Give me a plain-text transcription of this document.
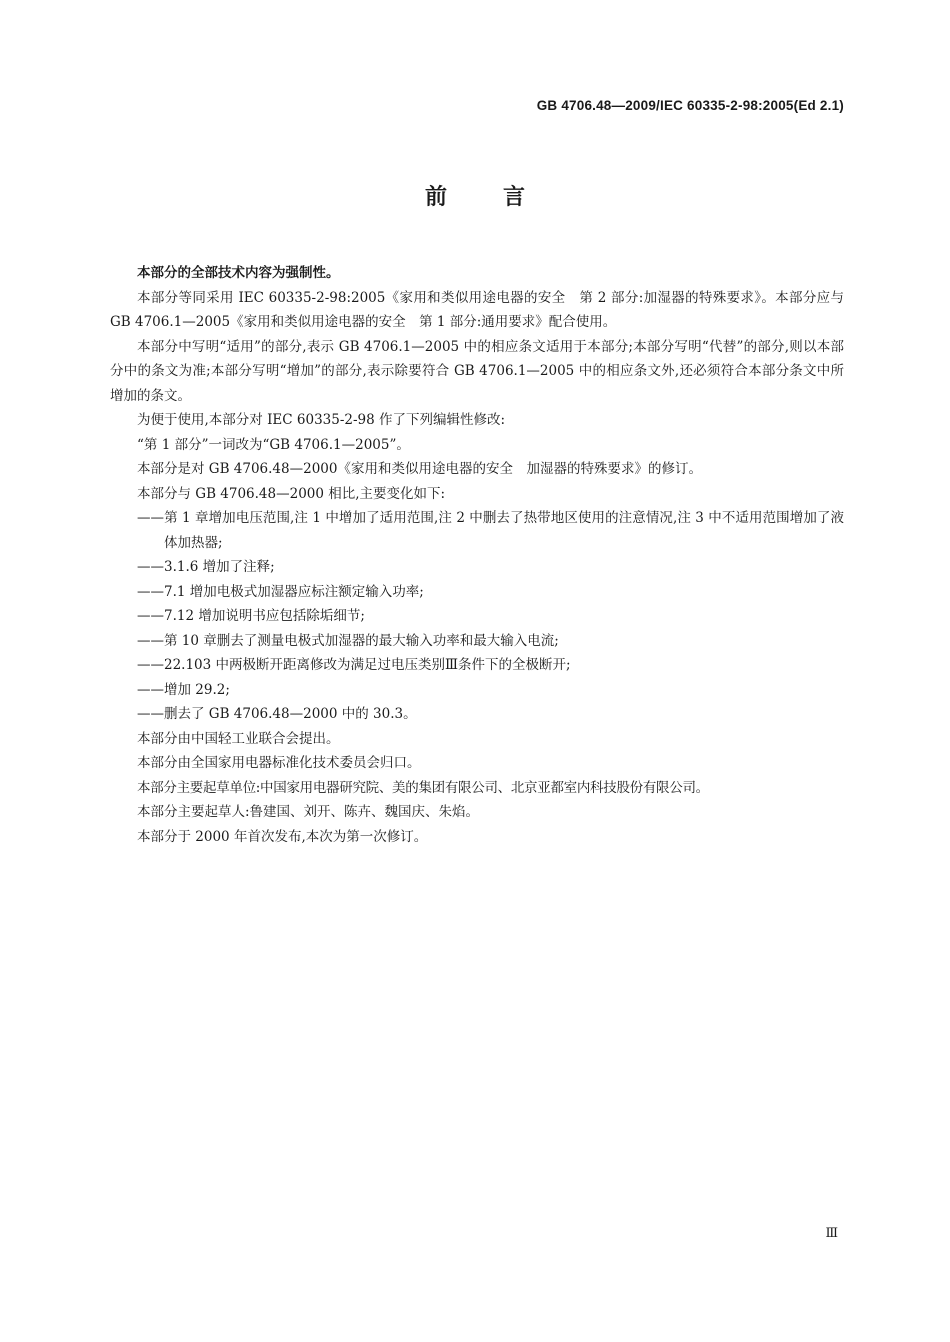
GB 4706.48—2009/IEC 60335-2-98:2005(Ed 2.1)
前言

本部分的全部技术内容为强制性。

本部分等同采用 IEC 60335-2-98:2005《家用和类似用途电器的安全　第 2 部分:加湿器的特殊要求》。本部分应与 GB 4706.1—2005《家用和类似用途电器的安全　第 1 部分:通用要求》配合使用。

本部分中写明“适用”的部分,表示 GB 4706.1—2005 中的相应条文适用于本部分;本部分写明“代替”的部分,则以本部分中的条文为准;本部分写明“增加”的部分,表示除要符合 GB 4706.1—2005 中的相应条文外,还必须符合本部分条文中所增加的条文。

为便于使用,本部分对 IEC 60335-2-98 作了下列编辑性修改:

“第 1 部分”一词改为“GB 4706.1—2005”。

本部分是对 GB 4706.48—2000《家用和类似用途电器的安全　加湿器的特殊要求》的修订。

本部分与 GB 4706.48—2000 相比,主要变化如下:

——第 1 章增加电压范围,注 1 中增加了适用范围,注 2 中删去了热带地区使用的注意情况,注 3 中不适用范围增加了液体加热器;

——3.1.6 增加了注释;

——7.1 增加电极式加湿器应标注额定输入功率;

——7.12 增加说明书应包括除垢细节;

——第 10 章删去了测量电极式加湿器的最大输入功率和最大输入电流;

——22.103 中两极断开距离修改为满足过电压类别Ⅲ条件下的全极断开;

——增加 29.2;

——删去了 GB 4706.48—2000 中的 30.3。

本部分由中国轻工业联合会提出。

本部分由全国家用电器标准化技术委员会归口。

本部分主要起草单位:中国家用电器研究院、美的集团有限公司、北京亚都室内科技股份有限公司。

本部分主要起草人:鲁建国、刘开、陈卉、魏国庆、朱焰。

本部分于 2000 年首次发布,本次为第一次修订。

Ⅲ
